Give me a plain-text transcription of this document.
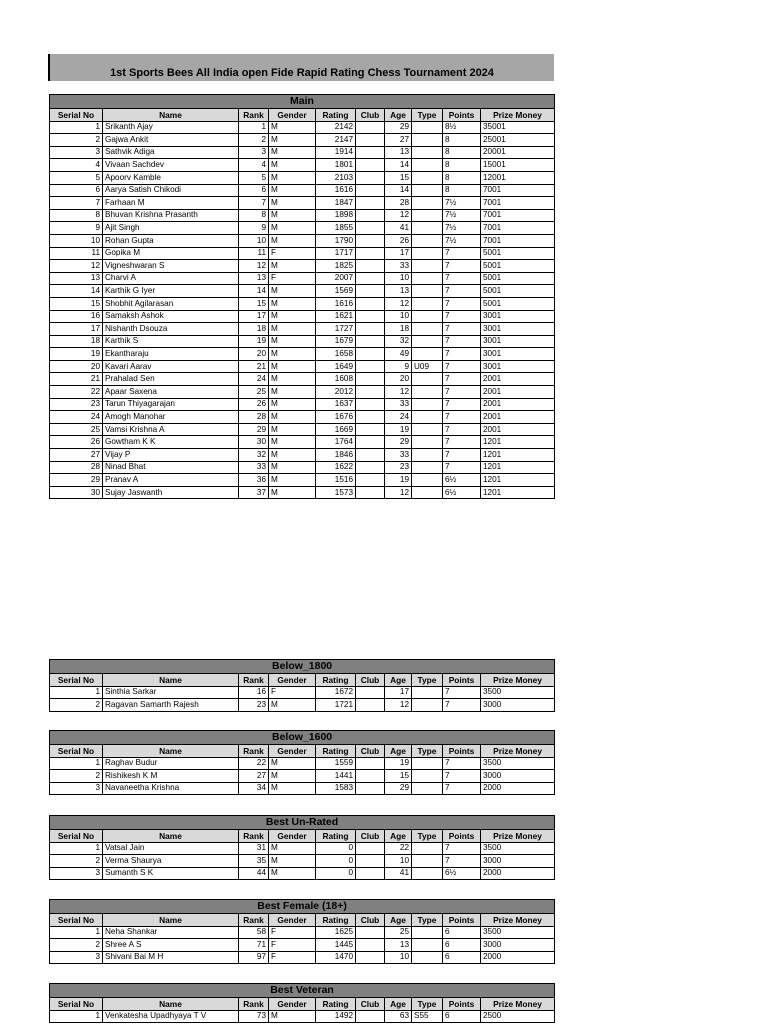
1st Sports Bees All India open Fide Rapid Rating Chess Tournament 2024
Main									
Serial No	Name	Rank	Gender	Rating	Club	Age	Type	Points	Prize Money
1	Srikanth Ajay	1	M	2142		29		8½	35001
2	Gajwa Ankit	2	M	2147		27		8	25001
3	Sathvik Adiga	3	M	1914		13		8	20001
4	Vivaan Sachdev	4	M	1801		14		8	15001
5	Apoorv Kamble	5	M	2103		15		8	12001
6	Aarya Satish Chikodi	6	M	1616		14		8	7001
7	Farhaan M	7	M	1847		28		7½	7001
8	Bhuvan Krishna Prasanth	8	M	1898		12		7½	7001
9	Ajit Singh	9	M	1855		41		7½	7001
10	Rohan Gupta	10	M	1790		26		7½	7001
11	Gopika M	11	F	1717		17		7	5001
12	Vigneshwaran S	12	M	1825		33		7	5001
13	Charvi A	13	F	2007		10		7	5001
14	Karthik G Iyer	14	M	1569		13		7	5001
15	Shobhit Agilarasan	15	M	1616		12		7	5001
16	Samaksh Ashok	17	M	1621		10		7	3001
17	Nishanth Dsouza	18	M	1727		18		7	3001
18	Karthik S	19	M	1679		32		7	3001
19	Ekantharaju	20	M	1658		49		7	3001
20	Kavari Aarav	21	M	1649		9	U09	7	3001
21	Prahalad Sen	24	M	1608		20		7	2001
22	Apaar Saxena	25	M	2012		12		7	2001
23	Tarun Thiyagarajan	26	M	1637		33		7	2001
24	Amogh Manohar	28	M	1676		24		7	2001
25	Vamsi Krishna A	29	M	1669		19		7	2001
26	Gowtham K K	30	M	1764		29		7	1201
27	Vijay P	32	M	1846		33		7	1201
28	Ninad Bhat	33	M	1622		23		7	1201
29	Pranav A	36	M	1516		19		6½	1201
30	Sujay Jaswanth	37	M	1573		12		6½	1201
Below_1800									
Serial No	Name	Rank	Gender	Rating	Club	Age	Type	Points	Prize Money
1	Sinthia Sarkar	16	F	1672		17		7	3500
2	Ragavan Samarth Rajesh	23	M	1721		12		7	3000
Below_1600									
Serial No	Name	Rank	Gender	Rating	Club	Age	Type	Points	Prize Money
1	Raghav Budur	22	M	1559		19		7	3500
2	Rishikesh K M	27	M	1441		15		7	3000
3	Navaneetha Krishna	34	M	1583		29		7	2000
Best Un-Rated									
Serial No	Name	Rank	Gender	Rating	Club	Age	Type	Points	Prize Money
1	Vatsal Jain	31	M	0		22		7	3500
2	Verma Shaurya	35	M	0		10		7	3000
3	Sumanth S K	44	M	0		41		6½	2000
Best Female (18+)									
Serial No	Name	Rank	Gender	Rating	Club	Age	Type	Points	Prize Money
1	Neha Shankar	58	F	1625		25		6	3500
2	Shree A S	71	F	1445		13		6	3000
3	Shivani Bai M H	97	F	1470		10		6	2000
Best Veteran									
Serial No	Name	Rank	Gender	Rating	Club	Age	Type	Points	Prize Money
1	Venkatesha Upadhyaya T V	73	M	1492		63	S55	6	2500
